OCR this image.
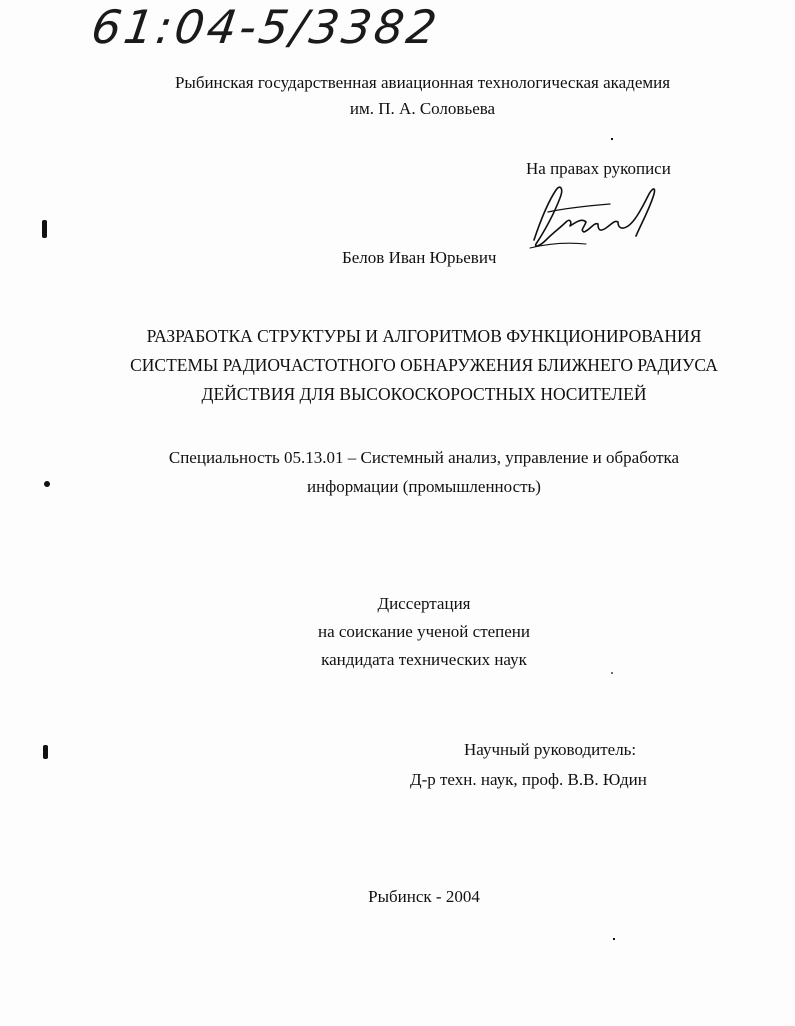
61:04-5/3382
Рыбинская государственная авиационная технологическая академия
им. П. А. Соловьева
На правах рукописи
Белов Иван Юрьевич
РАЗРАБОТКА СТРУКТУРЫ И АЛГОРИТМОВ ФУНКЦИОНИРОВАНИЯ
СИСТЕМЫ РАДИОЧАСТОТНОГО ОБНАРУЖЕНИЯ БЛИЖНЕГО РАДИУСА
ДЕЙСТВИЯ ДЛЯ ВЫСОКОСКОРОСТНЫХ НОСИТЕЛЕЙ
Специальность 05.13.01 – Системный анализ, управление и обработка
информации (промышленность)
Диссертация
на соискание ученой степени
кандидата технических наук
Научный руководитель:
Д-р техн. наук, проф. В.В. Юдин
Рыбинск - 2004
